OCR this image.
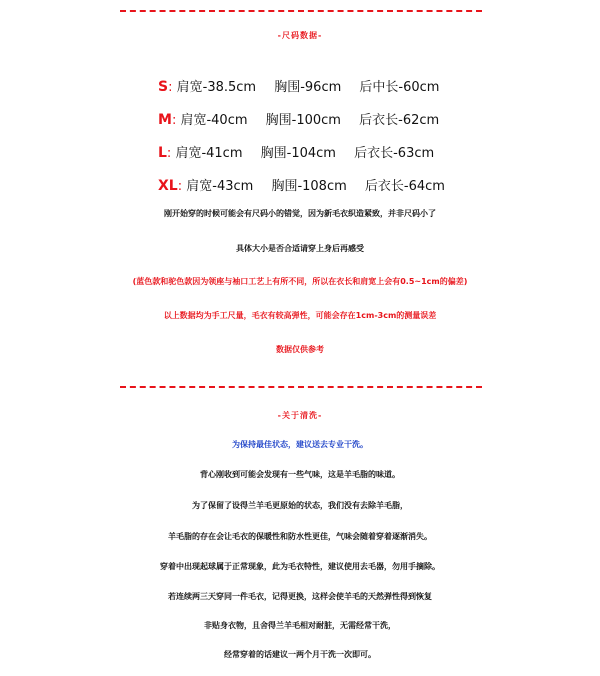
-尺码数据-
S: 肩宽-38.5cm 胸围-96cm 后中长-60cm
M: 肩宽-40cm 胸围-100cm 后衣长-62cm
L: 肩宽-41cm 胸围-104cm 后衣长-63cm
XL: 肩宽-43cm 胸围-108cm 后衣长-64cm
刚开始穿的时候可能会有尺码小的错觉，因为新毛衣织造紧致，并非尺码小了
具体大小是否合适请穿上身后再感受
(蓝色款和驼色款因为领座与袖口工艺上有所不同，所以在衣长和肩宽上会有0.5~1cm的偏差)
以上数据均为手工尺量，毛衣有较高弹性，可能会存在1cm-3cm的测量误差
数据仅供参考
-关于清洗-
为保持最佳状态，建议送去专业干洗。
背心刚收到可能会发现有一些气味，这是羊毛脂的味道。
为了保留了设得兰羊毛更原始的状态，我们没有去除羊毛脂，
羊毛脂的存在会让毛衣的保暖性和防水性更佳，气味会随着穿着逐渐消失。
穿着中出现起球属于正常现象，此为毛衣特性，建议使用去毛器，勿用手摘除。
若连续两三天穿同一件毛衣，记得更换，这样会使羊毛的天然弹性得到恢复
非贴身衣物，且舍得兰羊毛相对耐脏，无需经常干洗，
经常穿着的话建议一两个月干洗一次即可。
